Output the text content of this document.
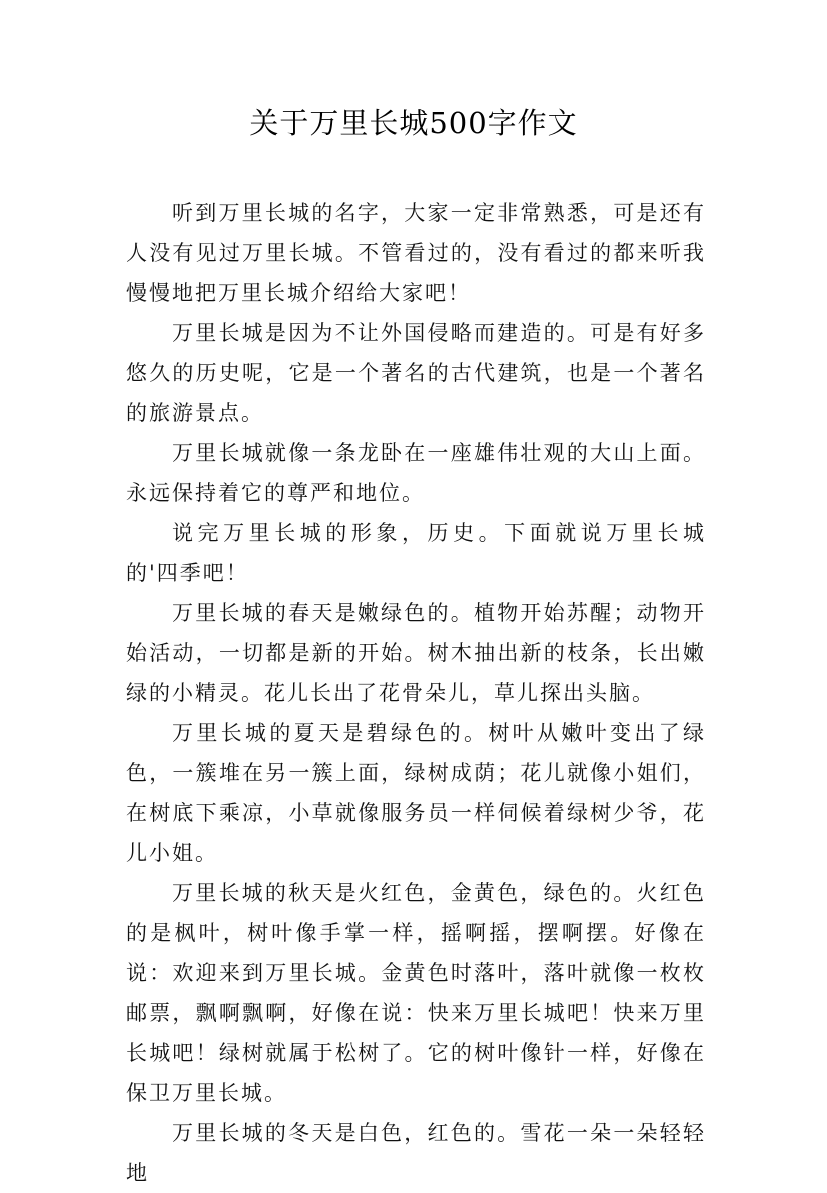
关于万里长城500字作文

听到万里长城的名字，大家一定非常熟悉，可是还有人没有见过万里长城。不管看过的，没有看过的都来听我慢慢地把万里长城介绍给大家吧！

万里长城是因为不让外国侵略而建造的。可是有好多悠久的历史呢，它是一个著名的古代建筑，也是一个著名的旅游景点。

万里长城就像一条龙卧在一座雄伟壮观的大山上面。永远保持着它的尊严和地位。

说完万里长城的形象，历史。下面就说万里长城的'四季吧！

万里长城的春天是嫩绿色的。植物开始苏醒；动物开始活动，一切都是新的开始。树木抽出新的枝条，长出嫩绿的小精灵。花儿长出了花骨朵儿，草儿探出头脑。

万里长城的夏天是碧绿色的。树叶从嫩叶变出了绿色，一簇堆在另一簇上面，绿树成荫；花儿就像小姐们，在树底下乘凉，小草就像服务员一样伺候着绿树少爷，花儿小姐。

万里长城的秋天是火红色，金黄色，绿色的。火红色的是枫叶，树叶像手掌一样，摇啊摇，摆啊摆。好像在说：欢迎来到万里长城。金黄色时落叶，落叶就像一枚枚邮票，飘啊飘啊，好像在说：快来万里长城吧！快来万里长城吧！绿树就属于松树了。它的树叶像针一样，好像在保卫万里长城。

万里长城的冬天是白色，红色的。雪花一朵一朵轻轻地
